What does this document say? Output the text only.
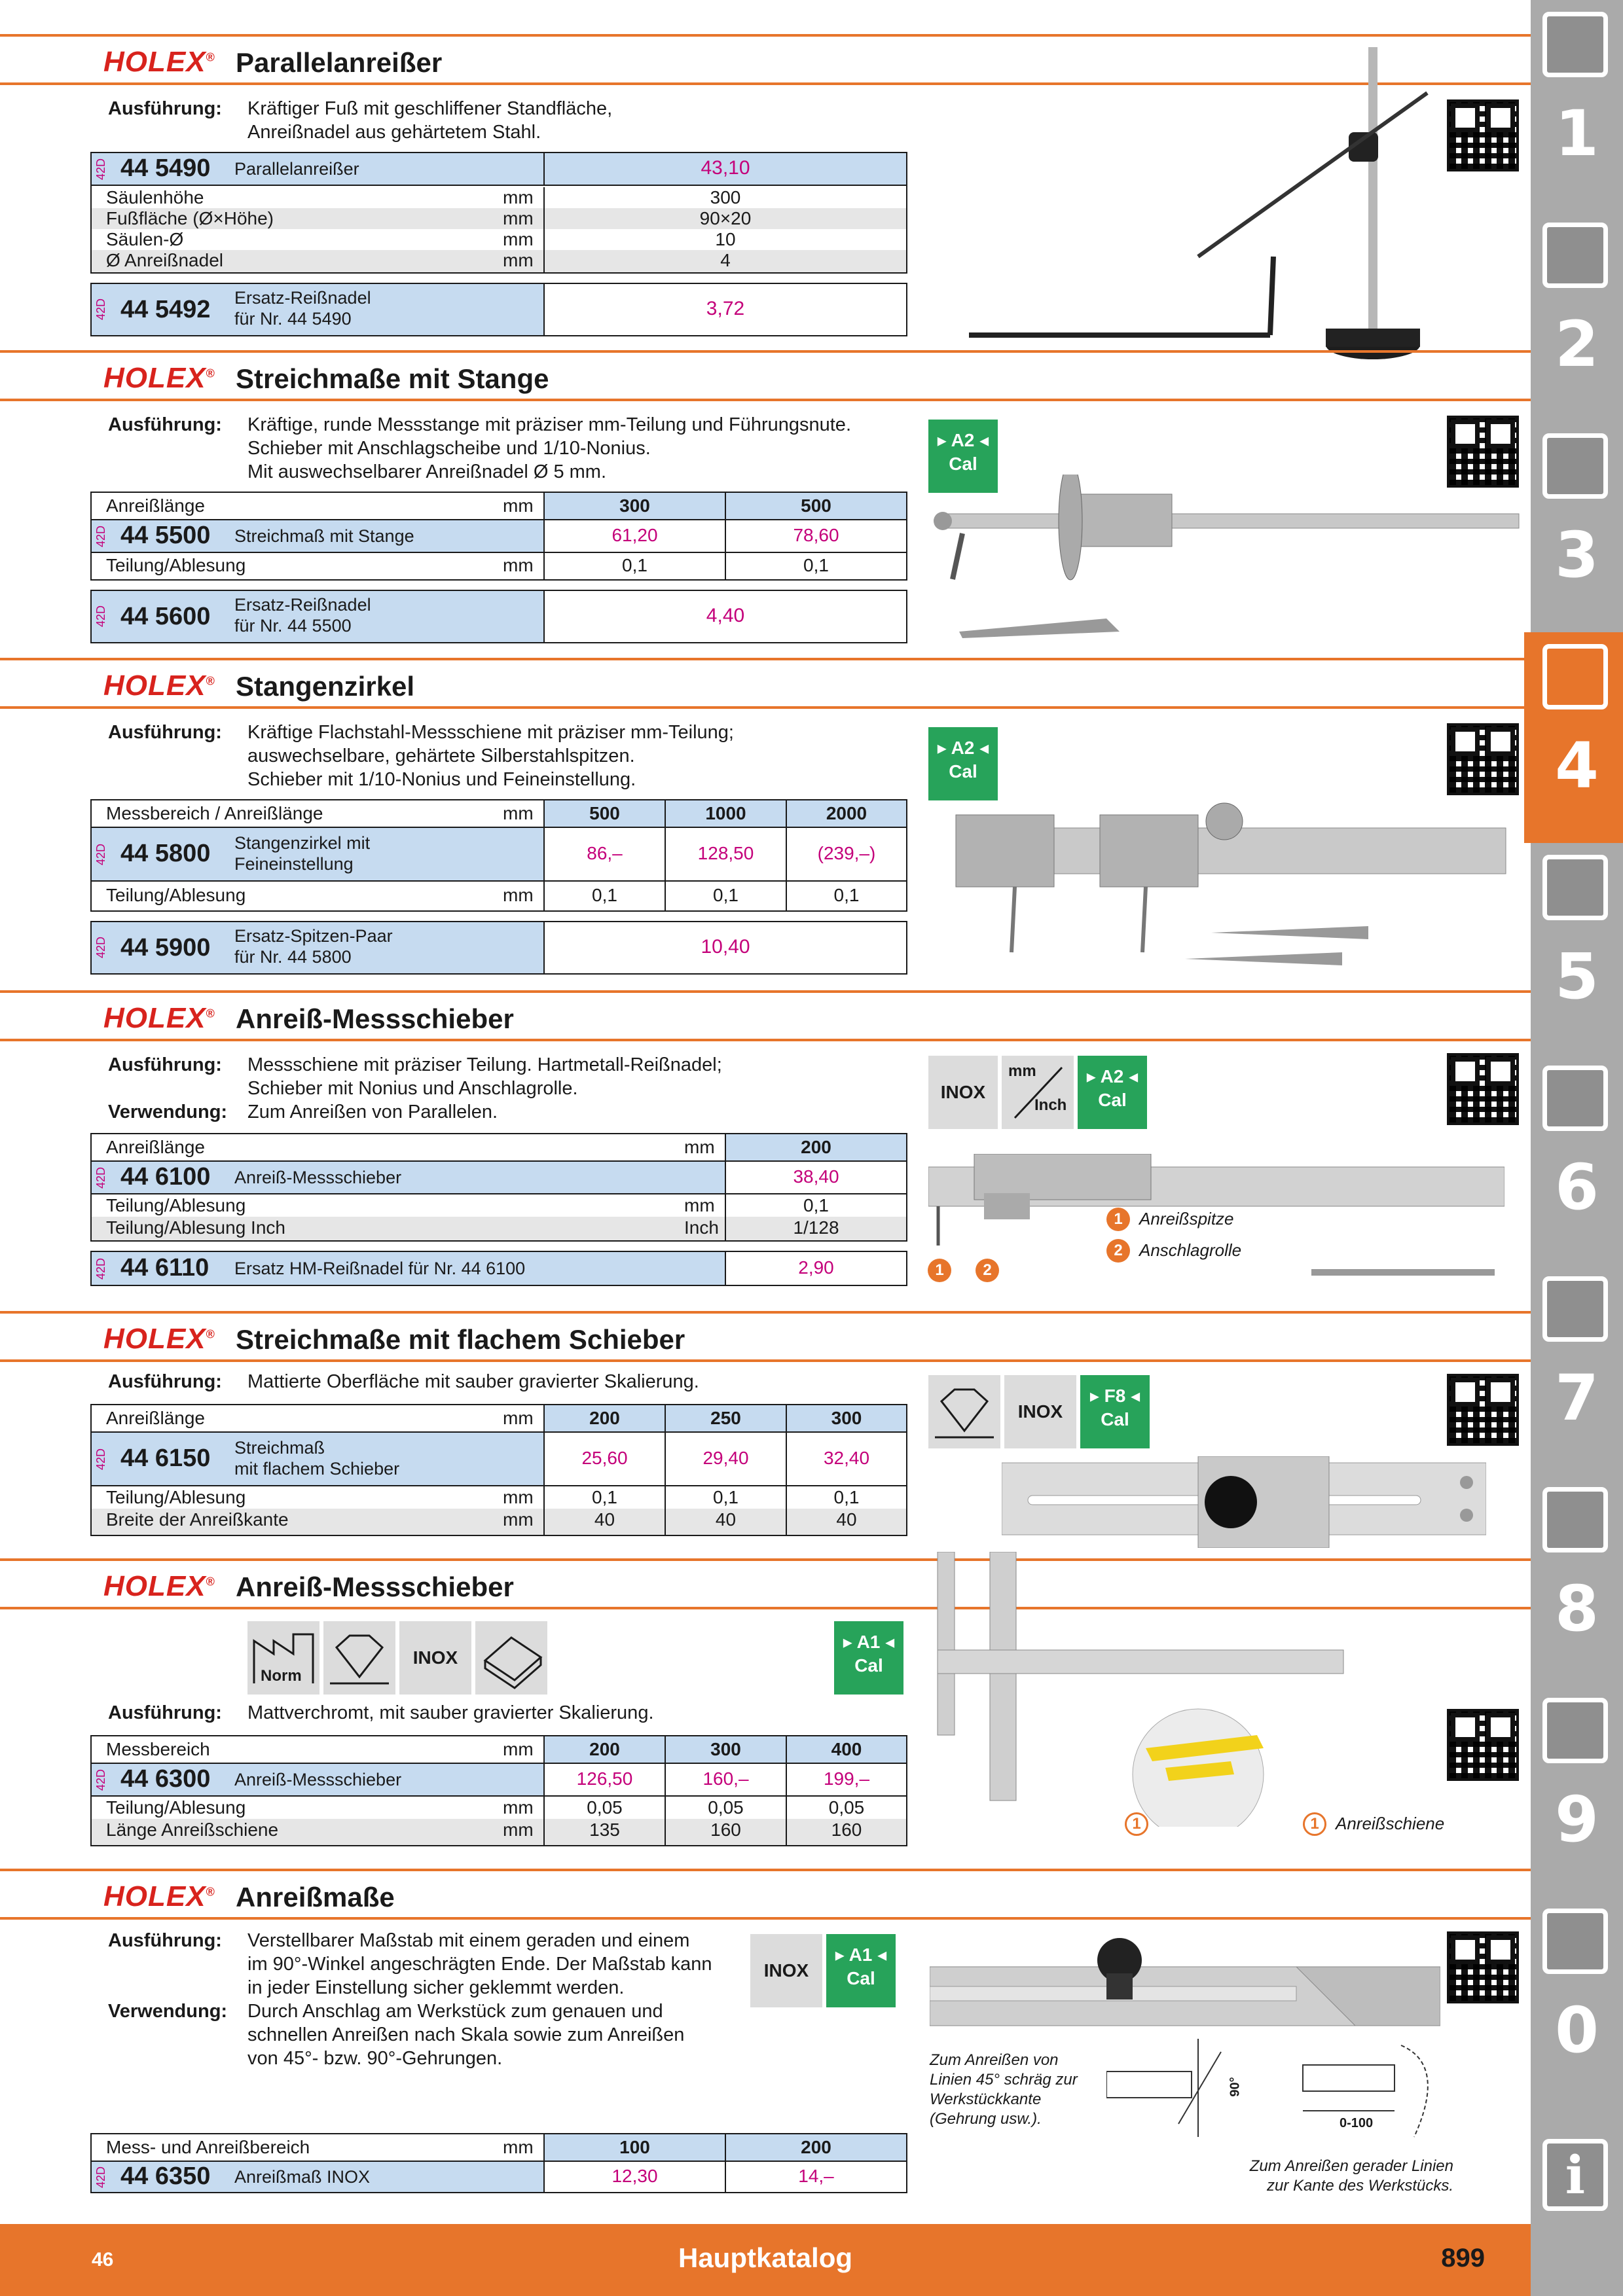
1
2
3
4
5
6
7
8
9
0
i
HOLEX® Parallelanreißer
Ausführung: Kräftiger Fuß mit geschliffener Standfläche,
Anreißnadel aus gehärtetem Stahl.
42D 44 5490 Parallelanreißer	43,10
Säulenhöhe	mm	300
Fußfläche (Ø×Höhe)	mm	90×20
Säulen-Ø	mm	10
Ø Anreißnadel	mm	4
42D 44 5492 Ersatz-Reißnadel
für Nr. 44 5490	3,72
HOLEX® Streichmaße mit Stange
Ausführung: Kräftige, runde Messstange mit präziser mm-Teilung und Führungsnute.
Schieber mit Anschlagscheibe und 1/10-Nonius.
Mit auswechselbarer Anreißnadel Ø 5 mm.
Anreißlänge	mm	300	500
42D 44 5500 Streichmaß mit Stange	61,20	78,60
Teilung/Ablesung	mm	0,1	0,1
42D 44 5600 Ersatz-Reißnadel
für Nr. 44 5500	4,40
▸ A2 ◂
Cal
HOLEX® Stangenzirkel
Ausführung: Kräftige Flachstahl-Messschiene mit präziser mm-Teilung;
auswechselbare, gehärtete Silberstahlspitzen.
Schieber mit 1/10-Nonius und Feineinstellung.
Messbereich / Anreißlänge	mm	500	1000	2000
42D 44 5800 Stangenzirkel mit
Feineinstellung
86,–	128,50	(239,–)
Teilung/Ablesung	mm	0,1	0,1	0,1
42D 44 5900 Ersatz-Spitzen-Paar
für Nr. 44 5800	10,40
▸ A2 ◂
Cal
HOLEX® Anreiß-Messschieber
Ausführung: Messschiene mit präziser Teilung. Hartmetall-Reißnadel;
Schieber mit Nonius und Anschlagrolle.
Verwendung: Zum Anreißen von Parallelen.
Anreißlänge	mm	200
42D 44 6100 Anreiß-Messschieber	38,40
Teilung/Ablesung	mm	0,1
Teilung/Ablesung Inch	Inch	1/128
42D 44 6110 Ersatz HM-Reißnadel für Nr. 44 6100	2,90
INOX
mm
Inch
▸ A2 ◂
Cal
1	2
1 Anreißspitze
2 Anschlagrolle
HOLEX® Streichmaße mit flachem Schieber
Ausführung: Mattierte Oberfläche mit sauber gravierter Skalierung.
Anreißlänge	mm	200	250	300
42D 44 6150 Streichmaß
mit flachem Schieber
25,60	29,40	32,40
Teilung/Ablesung	mm	0,1	0,1	0,1
Breite der Anreißkante	mm	40	40	40
INOX
▸ F8 ◂
Cal
HOLEX® Anreiß-Messschieber
Norm
INOX
▸ A1 ◂
Cal
Ausführung: Mattverchromt, mit sauber gravierter Skalierung.
Messbereich	mm	200	300	400
42D 44 6300 Anreiß-Messschieber	126,50	160,–	199,–
Teilung/Ablesung	mm	0,05	0,05	0,05
Länge Anreißschiene	mm	135	160	160	1	1 Anreißschiene
HOLEX® Anreißmaße
Ausführung: Verstellbarer Maßstab mit einem geraden und einem
im 90°-Winkel angeschrägten Ende. Der Maßstab kann
in jeder Einstellung sicher geklemmt werden.
Verwendung: Durch Anschlag am Werkstück zum genauen und
schnellen Anreißen nach Skala sowie zum Anreißen
von 45°- bzw. 90°-Gehrungen.
INOX
▸ A1 ◂
Cal
Mess- und Anreißbereich	mm	100	200
42D 44 6350 Anreißmaß INOX	12,30	14,–
Zum Anreißen von
Linien 45° schräg zur
Werkstückkante
(Gehrung usw.).
90°
0-100
Zum Anreißen gerader Linien
zur Kante des Werkstücks.
46	Hauptkatalog	899
